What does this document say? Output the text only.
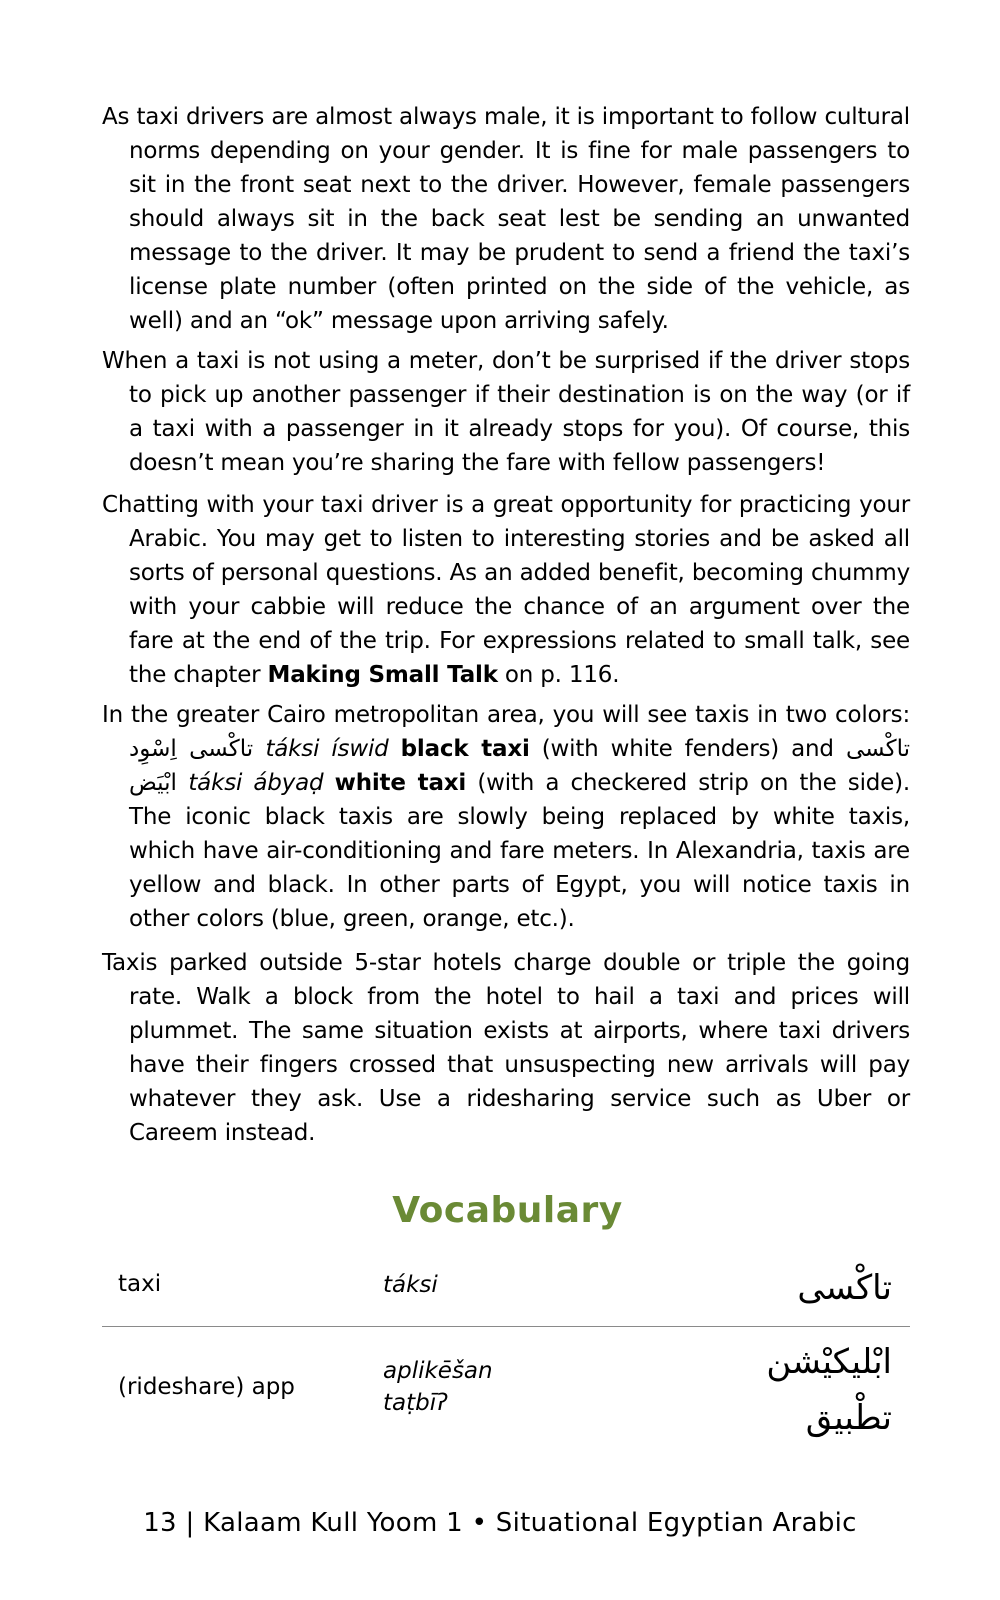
As taxi drivers are almost always male, it is important to follow cultural norms depending on your gender. It is fine for male passengers to sit in the front seat next to the driver. However, female passengers should always sit in the back seat lest be sending an unwanted message to the driver. It may be prudent to send a friend the taxi’s license plate number (often printed on the side of the vehicle, as well) and an “ok” message upon arriving safely.

When a taxi is not using a meter, don’t be surprised if the driver stops to pick up another passenger if their destination is on the way (or if a taxi with a passenger in it already stops for you). Of course, this doesn’t mean you’re sharing the fare with fellow passengers!

Chatting with your taxi driver is a great opportunity for practicing your Arabic. You may get to listen to interesting stories and be asked all sorts of personal questions. As an added benefit, becoming chummy with your cabbie will reduce the chance of an argument over the fare at the end of the trip. For expressions related to small talk, see the chapter Making Small Talk on p. 116.

In the greater Cairo metropolitan area, you will see taxis in two colors: تاكْسى اِسْوِد táksi íswid black taxi (with white fenders) and تاكْسى ابْيَض táksi ábyaḍ white taxi (with a checkered strip on the side). The iconic black taxis are slowly being replaced by white taxis, which have air-conditioning and fare meters. In Alexandria, taxis are yellow and black. In other parts of Egypt, you will notice taxis in other colors (blue, green, orange, etc.).

Taxis parked outside 5-star hotels charge double or triple the going rate. Walk a block from the hotel to hail a taxi and prices will plummet. The same situation exists at airports, where taxi drivers have their fingers crossed that unsuspecting new arrivals will pay whatever they ask. Use a ridesharing service such as Uber or Careem instead.

Vocabulary
taxi	táksi	تاكْسى
(rideshare) app
aplikēšan
taṭbīʔ
ابْليكيْشن
تطْبيق
13 | Kalaam Kull Yoom 1 • Situational Egyptian Arabic
